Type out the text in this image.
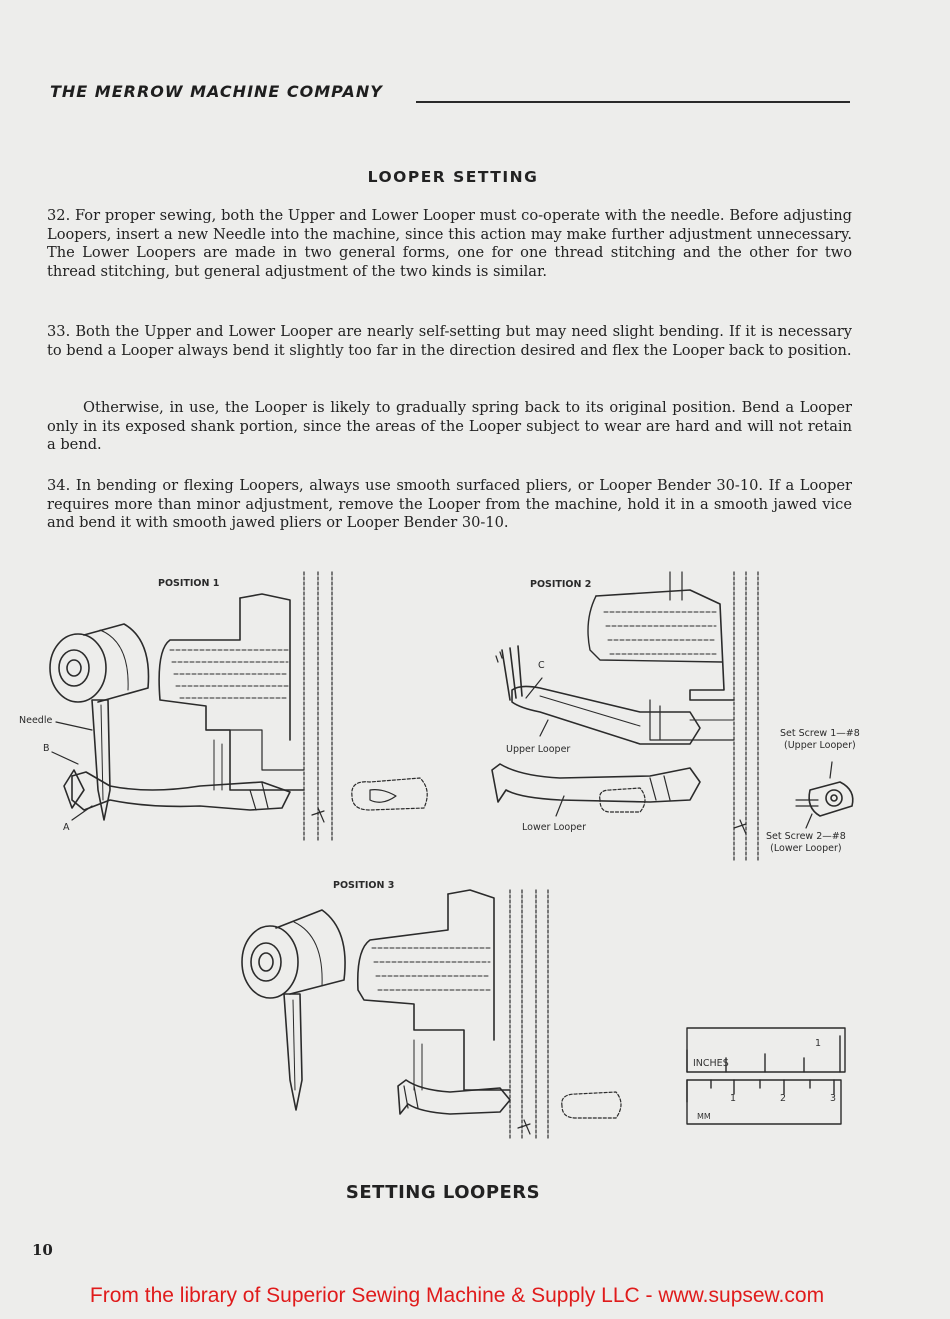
THE MERROW MACHINE COMPANY
LOOPER SETTING

32. For proper sewing, both the Upper and Lower Looper must co-operate with the needle. Before adjusting Loopers, insert a new Needle into the machine, since this action may make further adjustment unnecessary. The Lower Loopers are made in two general forms, one for one thread stitching and the other for two thread stitching, but general adjustment of the two kinds is similar.

33. Both the Upper and Lower Looper are nearly self-setting but may need slight bending. If it is necessary to bend a Looper always bend it slightly too far in the direction desired and flex the Looper back to position.

Otherwise, in use, the Looper is likely to gradually spring back to its original position. Bend a Looper only in its exposed shank portion, since the areas of the Looper subject to wear are hard and will not retain a bend.

34. In bending or flexing Loopers, always use smooth surfaced pliers, or Looper Bender 30-10. If a Looper requires more than minor adjustment, remove the Looper from the machine, hold it in a smooth jawed vice and bend it with smooth jawed pliers or Looper Bender 30-10.

POSITION 1	POSITION 2
POSITION 3
Needle
B
A
C
Upper Looper
Lower Looper
Set Screw 1—#8
(Upper Looper)
Set Screw 2—#8
(Lower Looper)
INCHES
1
1	2	3
MM
SETTING LOOPERS
10
From the library of Superior Sewing Machine & Supply LLC - www.supsew.com
